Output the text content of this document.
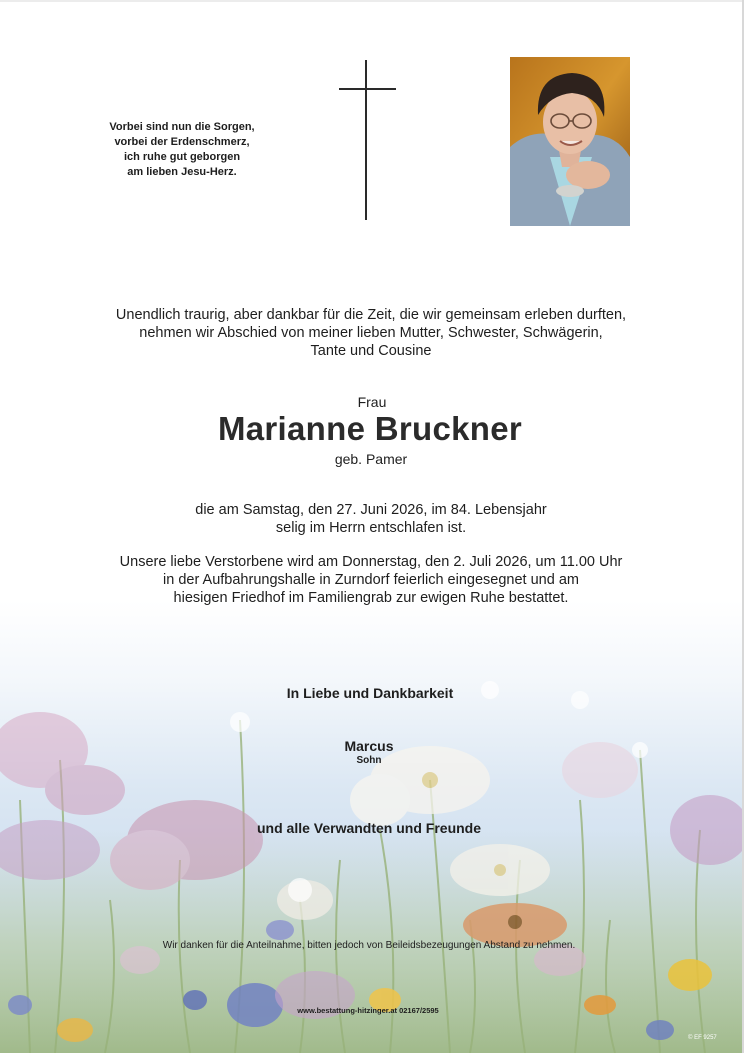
Vorbei sind nun die Sorgen,
vorbei der Erdenschmerz,
ich ruhe gut geborgen
am lieben Jesu-Herz.
Unendlich traurig, aber dankbar für die Zeit, die wir gemeinsam erleben durften,
nehmen wir Abschied von meiner lieben Mutter, Schwester, Schwägerin,
Tante und Cousine
Frau
Marianne Bruckner
geb. Pamer
die am Samstag, den 27. Juni 2026, im 84. Lebensjahr
selig im Herrn entschlafen ist.
Unsere liebe Verstorbene wird am Donnerstag, den 2. Juli 2026, um 11.00 Uhr
in der Aufbahrungshalle in Zurndorf feierlich eingesegnet und am
hiesigen Friedhof im Familiengrab zur ewigen Ruhe bestattet.
In Liebe und Dankbarkeit
Marcus
Sohn
und alle Verwandten und Freunde
Wir danken für die Anteilnahme, bitten jedoch von Beileidsbezeugungen Abstand zu nehmen.
www.bestattung-hitzinger.at 02167/2595
© EF 9257
